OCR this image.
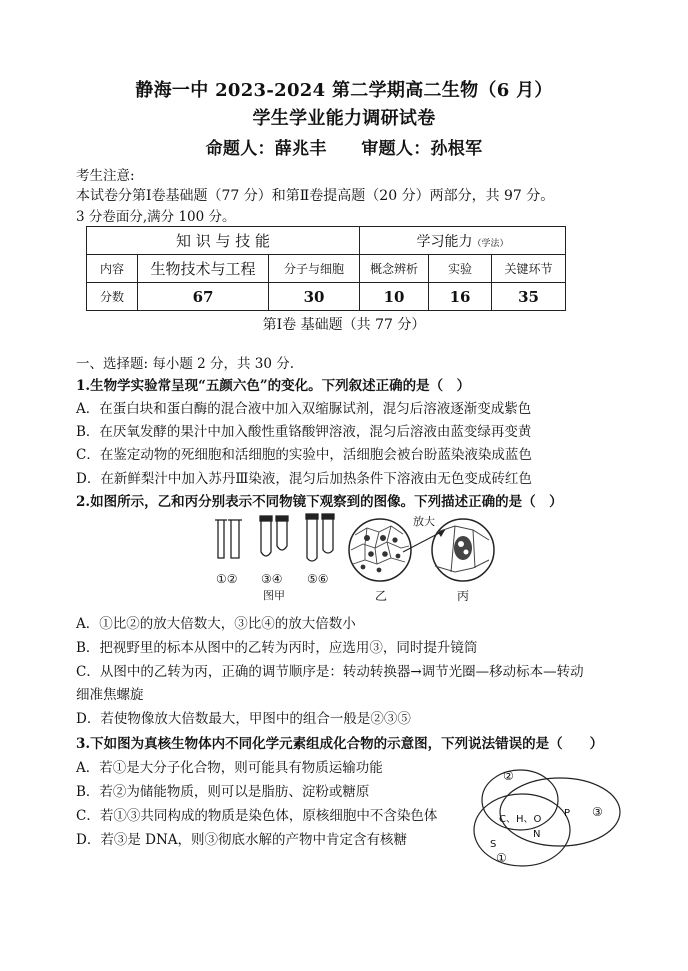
静海一中 2023-2024 第二学期高二生物（6 月）
学生学业能力调研试卷
命题人：薛兆丰　　审题人：孙根军
考生注意:
本试卷分第Ⅰ卷基础题（77 分）和第Ⅱ卷提高题（20 分）两部分，共 97 分。
3 分卷面分,满分 100 分。
知 识 与 技 能			学习能力（学法）		
内容	生物技术与工程	分子与细胞	概念辨析	实验	关键环节
分数	67	30	10	16	35
第Ⅰ卷 基础题（共 77 分）
一、选择题: 每小题 2 分，共 30 分.
1.生物学实验常呈现“五颜六色”的变化。下列叙述正确的是（　）
A．在蛋白块和蛋白酶的混合液中加入双缩脲试剂，混匀后溶液逐渐变成紫色
B．在厌氧发酵的果汁中加入酸性重铬酸钾溶液，混匀后溶液由蓝变绿再变黄
C．在鉴定动物的死细胞和活细胞的实验中，活细胞会被台盼蓝染液染成蓝色
D．在新鲜梨汁中加入苏丹Ⅲ染液，混匀后加热条件下溶液由无色变成砖红色
2.如图所示，乙和丙分别表示不同物镜下观察到的图像。下列描述正确的是（　）
放大
①② ③④ ⑤⑥
图甲	乙	丙
A．①比②的放大倍数大，③比④的放大倍数小
B．把视野里的标本从图中的乙转为丙时，应选用③，同时提升镜筒
C．从图中的乙转为丙，正确的调节顺序是：转动转换器→调节光圈—移动标本—转动
细准焦螺旋
D．若使物像放大倍数最大，甲图中的组合一般是②③⑤
3.下如图为真核生物体内不同化学元素组成化合物的示意图，下列说法错误的是（　　）
A．若①是大分子化合物，则可能具有物质运输功能
B．若②为储能物质，则可以是脂肪、淀粉或糖原
C．若①③共同构成的物质是染色体，原核细胞中不含染色体
D．若③是 DNA，则③彻底水解的产物中肯定含有核糖
②
③
①
C、H、O
N
P
S
